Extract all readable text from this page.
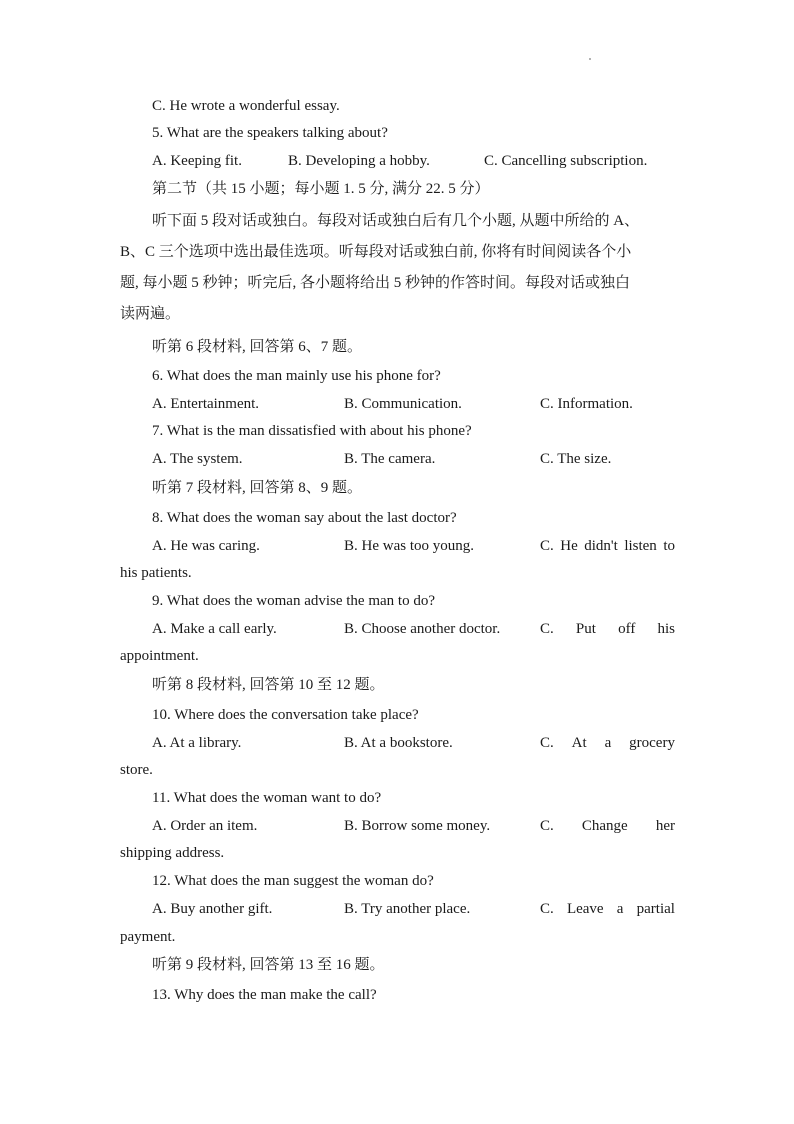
C. He wrote a wonderful essay.
5. What are the speakers talking about?
A. Keeping fit.	B. Developing a hobby.	C. Cancelling subscription.
第二节（共 15 小题；每小题 1. 5 分, 满分 22. 5 分）
听下面 5 段对话或独白。每段对话或独白后有几个小题, 从题中所给的 A、
B、C 三个选项中选出最佳选项。听每段对话或独白前, 你将有时间阅读各个小
题, 每小题 5 秒钟；听完后, 各小题将给出 5 秒钟的作答时间。每段对话或独白
读两遍。
听第 6 段材料, 回答第 6、7 题。
6. What does the man mainly use his phone for?
A. Entertainment.	B. Communication.	C. Information.
7. What is the man dissatisfied with about his phone?
A. The system.	B. The camera.	C. The size.
听第 7 段材料, 回答第 8、9 题。
8. What does the woman say about the last doctor?
A. He was caring.	B. He was too young.	C. He didn't listen to
his patients.
9. What does the woman advise the man to do?
A. Make a call early.	B. Choose another doctor.	C. Put off his
appointment.
听第 8 段材料, 回答第 10 至 12 题。
10. Where does the conversation take place?
A. At a library.	B. At a bookstore.	C. At a grocery
store.
11. What does the woman want to do?
A. Order an item.	B. Borrow some money.	C. Change her
shipping address.
12. What does the man suggest the woman do?
A. Buy another gift.	B. Try another place.	C. Leave a partial
payment.
听第 9 段材料, 回答第 13 至 16 题。
13. Why does the man make the call?
